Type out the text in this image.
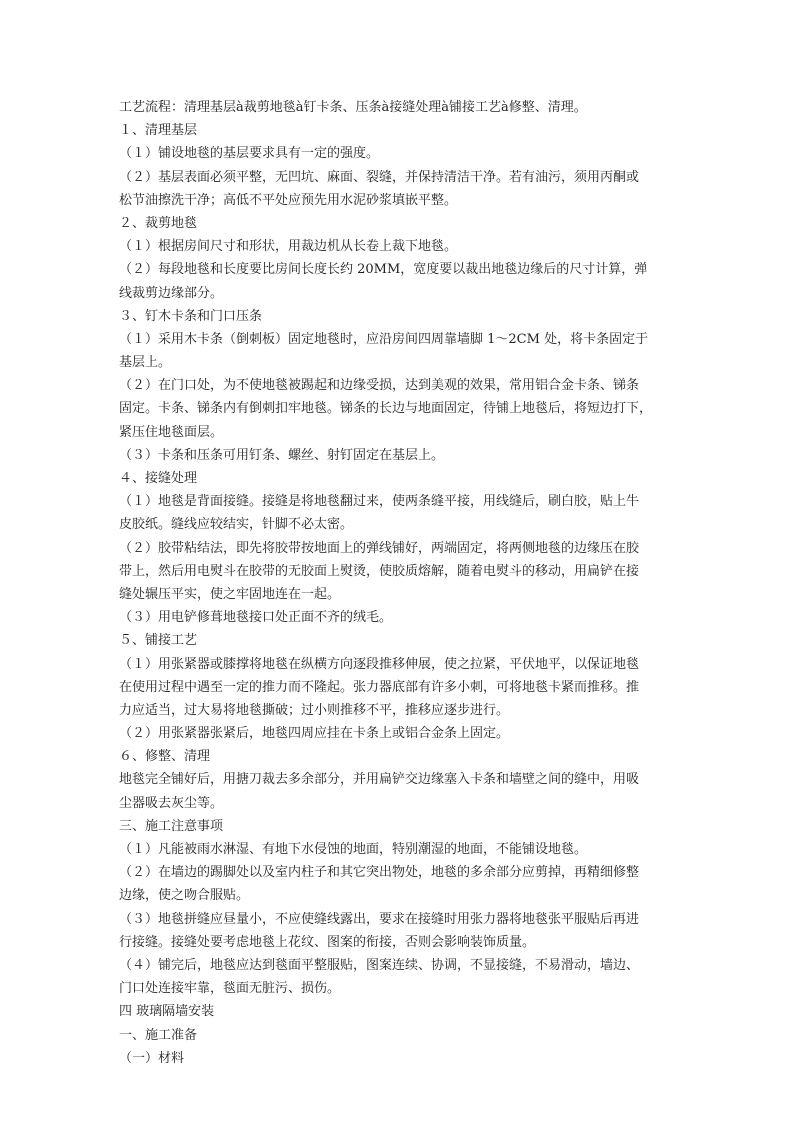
工艺流程：清理基层à裁剪地毯à钉卡条、压条à接缝处理à铺接工艺à修整、清理。
１、清理基层
（１）铺设地毯的基层要求具有一定的强度。
（２）基层表面必须平整，无凹坑、麻面、裂缝，并保持清洁干净。若有油污，须用丙酮或
松节油擦洗干净；高低不平处应预先用水泥砂浆填嵌平整。
２、裁剪地毯
（１）根据房间尺寸和形状，用裁边机从长卷上裁下地毯。
（２）每段地毯和长度要比房间长度长约 20MM，宽度要以裁出地毯边缘后的尺寸计算，弹
线裁剪边缘部分。
３、钉木卡条和门口压条
（１）采用木卡条（倒刺板）固定地毯时，应沿房间四周靠墙脚 1～2CM 处，将卡条固定于
基层上。
（２）在门口处，为不使地毯被踢起和边缘受损，达到美观的效果，常用铝合金卡条、锑条
固定。卡条、锑条内有倒刺扣牢地毯。锑条的长边与地面固定，待铺上地毯后，将短边打下，
紧压住地毯面层。
（３）卡条和压条可用钉条、螺丝、射钉固定在基层上。
４、接缝处理
（１）地毯是背面接缝。接缝是将地毯翻过来，使两条缝平接，用线缝后，刷白胶，贴上牛
皮胶纸。缝线应较结实，针脚不必太密。
（２）胶带粘结法，即先将胶带按地面上的弹线铺好，两端固定，将两侧地毯的边缘压在胶
带上，然后用电熨斗在胶带的无胶面上熨烫，使胶质熔解，随着电熨斗的移动，用扁铲在接
缝处辗压平实，使之牢固地连在一起。
（３）用电铲修葺地毯接口处正面不齐的绒毛。
５、铺接工艺
（１）用张紧器或膝撑将地毯在纵横方向逐段推移伸展，使之拉紧，平伏地平，以保证地毯
在使用过程中遇至一定的推力而不隆起。张力器底部有许多小刺，可将地毯卡紧而推移。推
力应适当，过大易将地毯撕破；过小则推移不平，推移应逐步进行。
（２）用张紧器张紧后，地毯四周应挂在卡条上或铝合金条上固定。
６、修整、清理
地毯完全铺好后，用搪刀裁去多余部分，并用扁铲交边缘塞入卡条和墙壁之间的缝中，用吸
尘器吸去灰尘等。
三、施工注意事项
（１）凡能被雨水淋湿、有地下水侵蚀的地面，特别潮湿的地面，不能铺设地毯。
（２）在墙边的踢脚处以及室内柱子和其它突出物处，地毯的多余部分应剪掉，再精细修整
边缘，使之吻合服贴。
（３）地毯拼缝应昼量小，不应使缝线露出，要求在接缝时用张力器将地毯张平服贴后再进
行接缝。接缝处要考虑地毯上花纹、图案的衔接，否则会影响装饰质量。
（４）铺完后，地毯应达到毯面平整服贴，图案连续、协调，不显接缝，不易滑动，墙边、
门口处连接牢靠，毯面无脏污、损伤。
四 玻璃隔墙安装
一、施工准备
（一）材料
